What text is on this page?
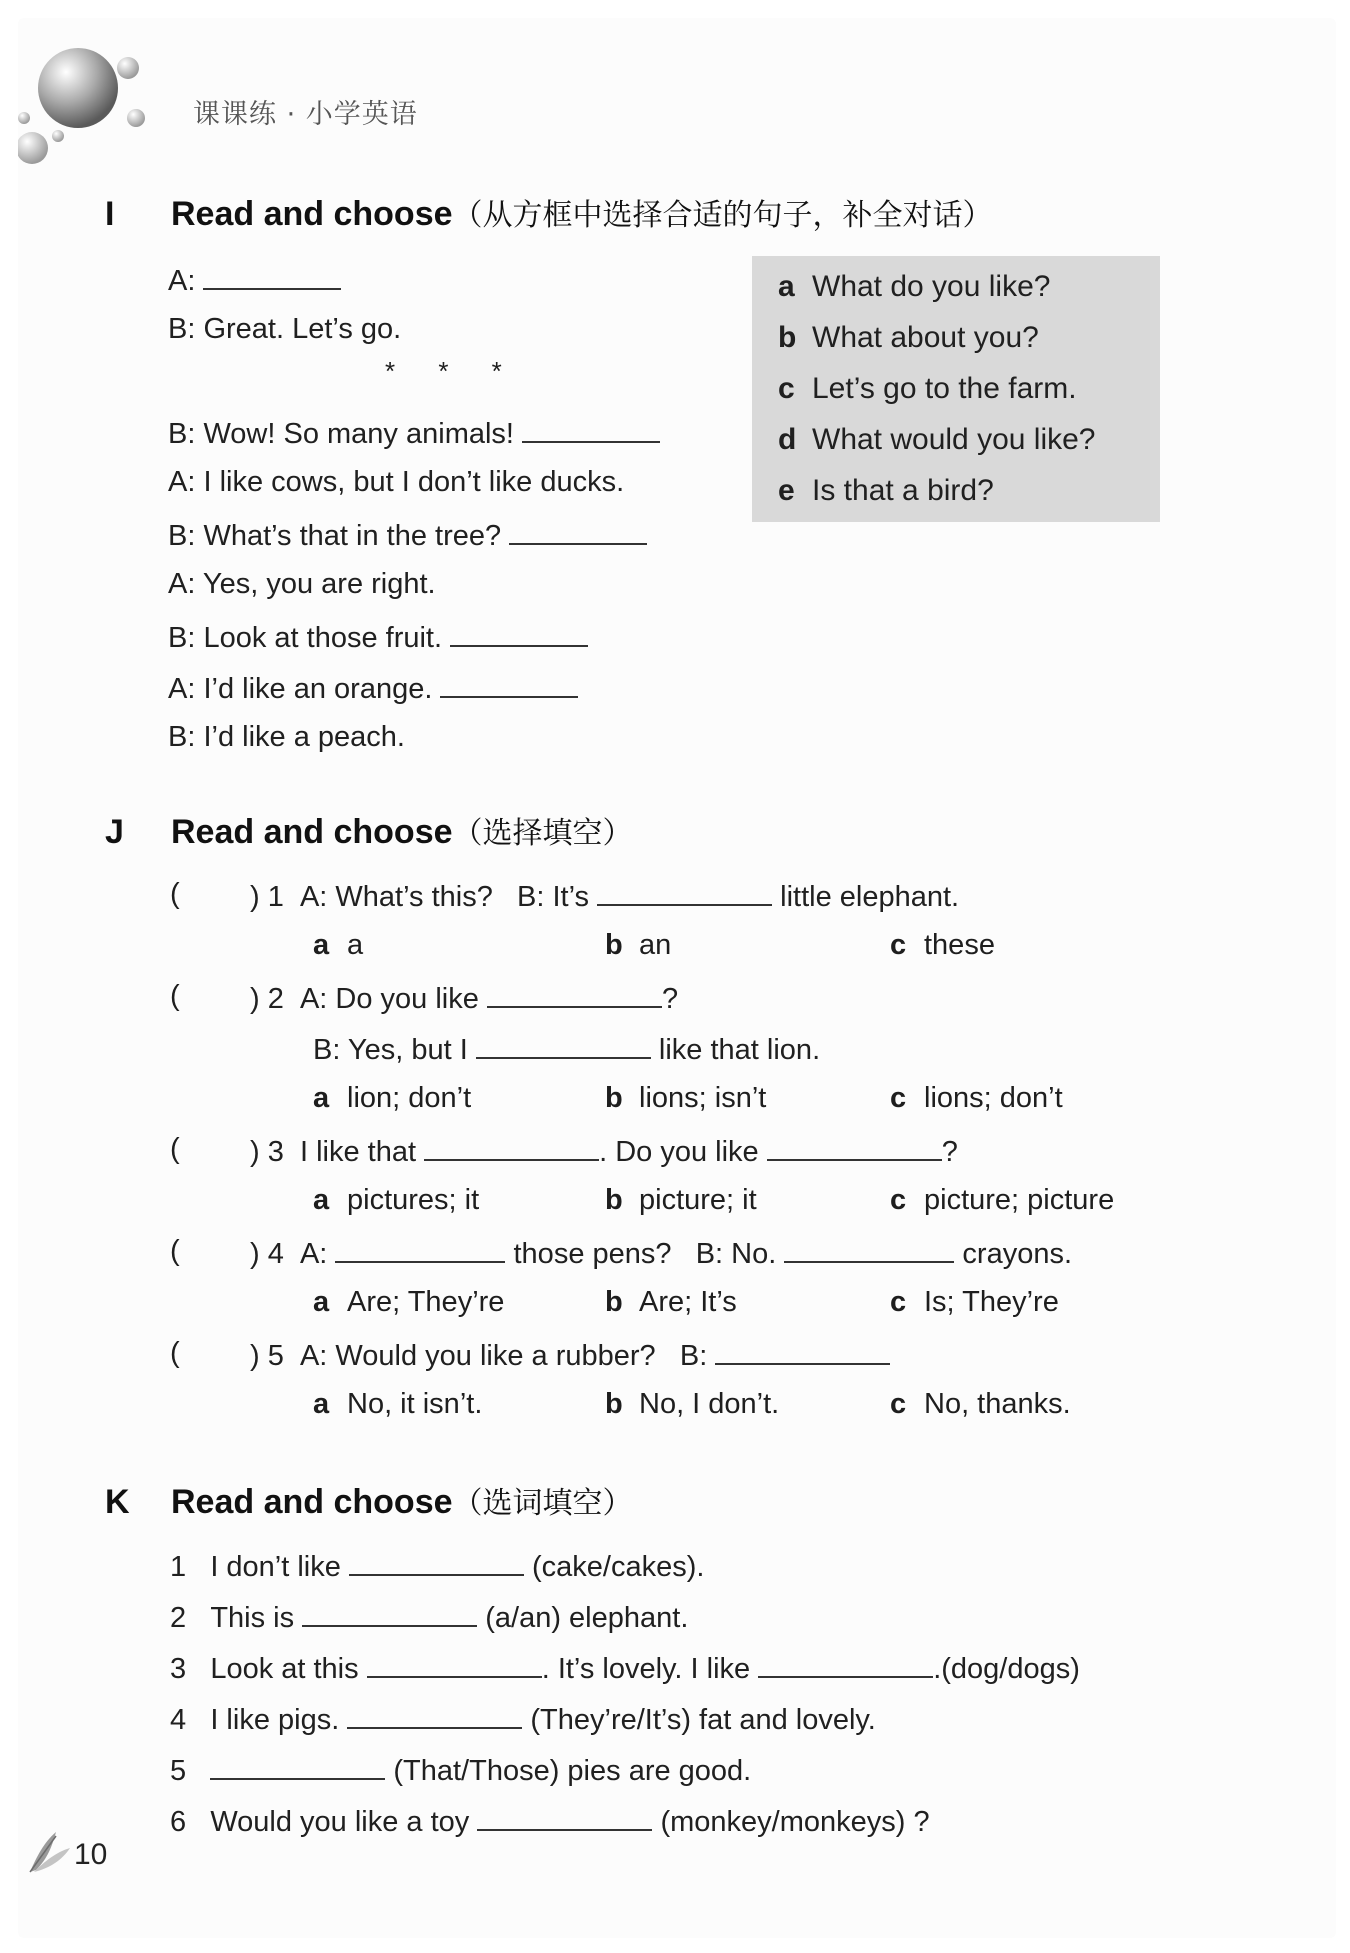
课课练 · 小学英语
I Read and choose（从方框中选择合适的句子，补全对话）
A:
B: Great. Let’s go.
* * *
B: Wow! So many animals!
A: I like cows, but I don’t like ducks.
B: What’s that in the tree?
A: Yes, you are right.
B: Look at those fruit.
A: I’d like an orange.
B: I’d like a peach.
a What do you like?
b What about you?
c Let’s go to the farm.
d What would you like?
e Is that a bird?
J Read and choose（选择填空）
( ) 1 A: What’s this? B: It’s	little elephant.
a a	b an	c these
( ) 2 A: Do you like	?
B: Yes, but I	like that lion.
a lion; don’t	b lions; isn’t	c lions; don’t
( ) 3 I like that	. Do you like	?
a pictures; it	b picture; it	c picture; picture
( ) 4 A:	those pens? B: No.	crayons.
a Are; They’re	b Are; It’s	c Is; They’re
( ) 5 A: Would you like a rubber? B:
a No, it isn’t.	b No, I don’t.	c No, thanks.
K Read and choose（选词填空）
1 I don’t like	(cake/cakes).
2 This is	(a/an) elephant.
3 Look at this	. It’s lovely. I like	.(dog/dogs)
4 I like pigs.	(They’re/It’s) fat and lovely.
5	(That/Those) pies are good.
6 Would you like a toy	(monkey/monkeys) ?
10
